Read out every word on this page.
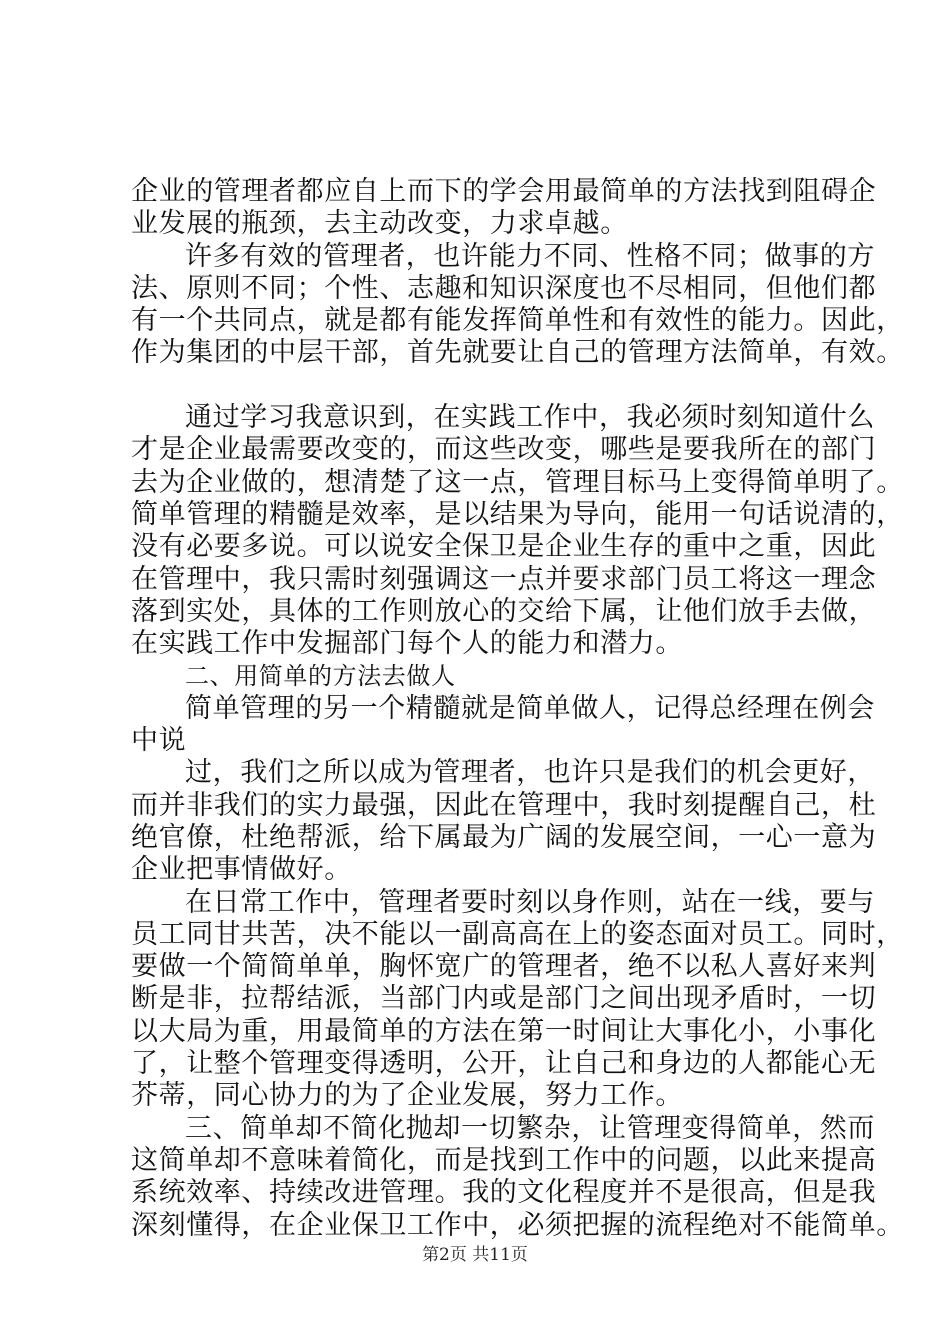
企业的管理者都应自上而下的学会用最简单的方法找到阻碍企
业发展的瓶颈，去主动改变，力求卓越。
许多有效的管理者，也许能力不同、性格不同；做事的方
法、原则不同；个性、志趣和知识深度也不尽相同，但他们都
有一个共同点，就是都有能发挥简单性和有效性的能力。因此，
作为集团的中层干部，首先就要让自己的管理方法简单，有效。
通过学习我意识到，在实践工作中，我必须时刻知道什么
才是企业最需要改变的，而这些改变，哪些是要我所在的部门
去为企业做的，想清楚了这一点，管理目标马上变得简单明了。
简单管理的精髓是效率，是以结果为导向，能用一句话说清的，
没有必要多说。可以说安全保卫是企业生存的重中之重，因此
在管理中，我只需时刻强调这一点并要求部门员工将这一理念
落到实处，具体的工作则放心的交给下属，让他们放手去做，
在实践工作中发掘部门每个人的能力和潜力。
二、用简单的方法去做人
简单管理的另一个精髓就是简单做人，记得总经理在例会
中说
过，我们之所以成为管理者，也许只是我们的机会更好，
而并非我们的实力最强，因此在管理中，我时刻提醒自己，杜
绝官僚，杜绝帮派，给下属最为广阔的发展空间，一心一意为
企业把事情做好。
在日常工作中，管理者要时刻以身作则，站在一线，要与
员工同甘共苦，决不能以一副高高在上的姿态面对员工。同时，
要做一个简简单单，胸怀宽广的管理者，绝不以私人喜好来判
断是非，拉帮结派，当部门内或是部门之间出现矛盾时，一切
以大局为重，用最简单的方法在第一时间让大事化小，小事化
了，让整个管理变得透明，公开，让自己和身边的人都能心无
芥蒂，同心协力的为了企业发展，努力工作。
三、简单却不简化抛却一切繁杂，让管理变得简单，然而
这简单却不意味着简化，而是找到工作中的问题，以此来提高
系统效率、持续改进管理。我的文化程度并不是很高，但是我
深刻懂得，在企业保卫工作中，必须把握的流程绝对不能简单。
第2页 共11页
